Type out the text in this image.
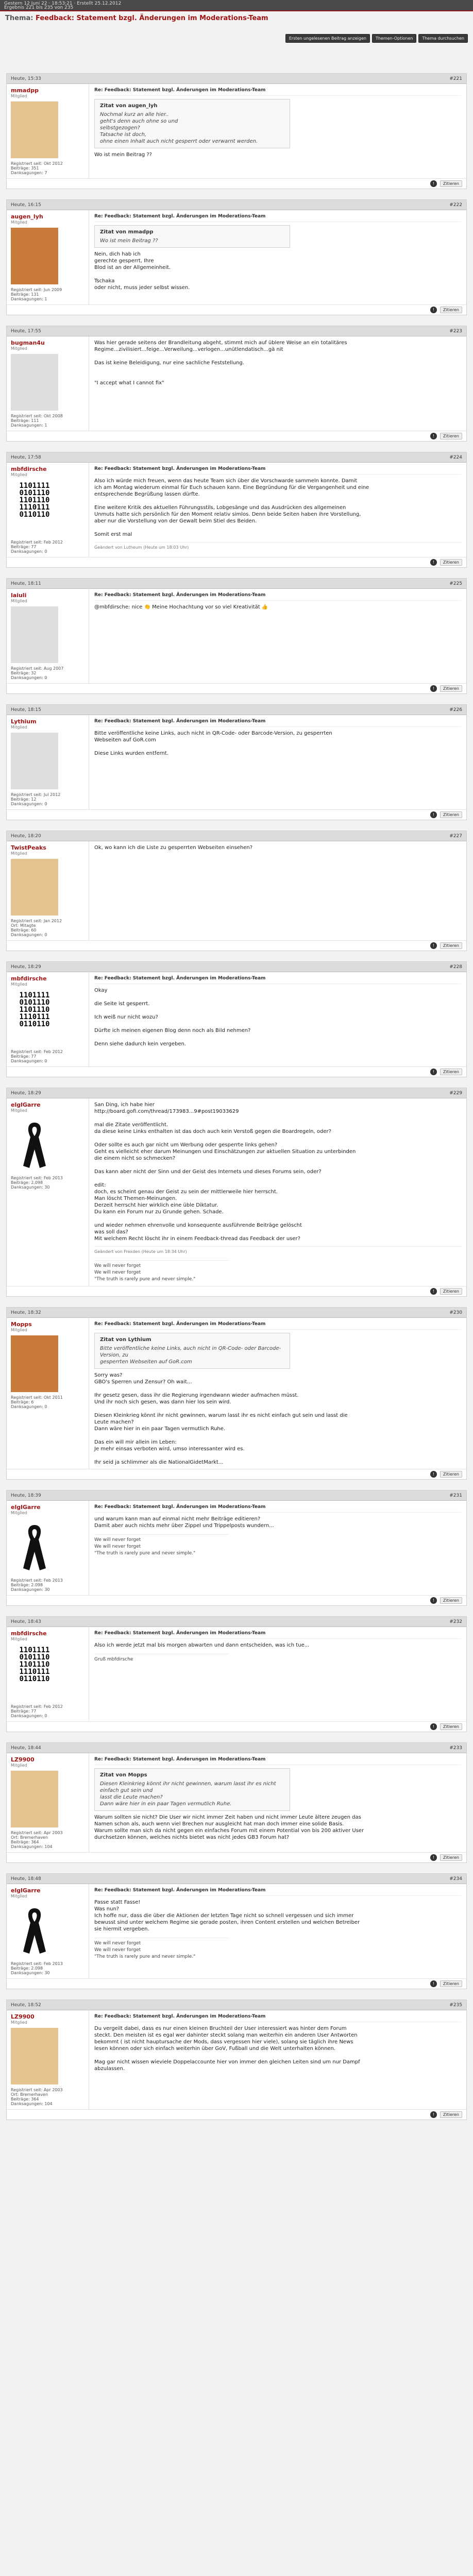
Gestern 12 Juni 22 · 18:53:21 · Erstellt 25.12.2012
Ergebnis 221 bis 235 von 235
Thema: Feedback: Statement bzgl. Änderungen im Moderations-Team
Ersten ungelesenen Beitrag anzeigen	Themen-Optionen	Thema durchsuchen
Heute, 15:33	#221
mmadpp
Mitglied
Registriert seit: Okt 2012
Beiträge: 351
Danksagungen: 7
Re: Feedback: Statement bzgl. Änderungen im Moderations-Team
Zitat von augen_lyh
Nochmal kurz an alle hier..
geht's denn auch ohne so und
selbstgezogen?
Tatsache ist doch,
ohne einen Inhalt auch nicht gesperrt oder verwarnt werden.
Wo ist mein Beitrag ??
!	Zitieren
Heute, 16:15	#222
augen_lyh
Mitglied
Registriert seit: Jun 2009
Beiträge: 131
Danksagungen: 1
Re: Feedback: Statement bzgl. Änderungen im Moderations-Team
Zitat von mmadpp
Wo ist mein Beitrag ??
Nein, dich hab ich
gerechte gesperrt, Ihre
Blod ist an der Allgemeinheit.
Tschaka
oder nicht, muss jeder selbst wissen.
!	Zitieren
Heute, 17:55	#223
bugman4u
Mitglied
Registriert seit: Okt 2008
Beiträge: 111
Danksagungen: 1
Was hier gerade seitens der Brandleitung abgeht, stimmt mich auf üblere Weise an ein totalitäres
Regime...zivilisiert...feige...Verweilung...verlogen...unütlendatisch...gä nit
Das ist keine Beleidigung, nur eine sachliche Feststellung.
"I accept what I cannot fix"
!	Zitieren
Heute, 17:58	#224
mbfdirsche
Mitglied
1101111
0101110
1101110
1110111
0110110
Registriert seit: Feb 2012
Beiträge: 77
Danksagungen: 0
Re: Feedback: Statement bzgl. Änderungen im Moderations-Team
Also ich würde mich freuen, wenn das heute Team sich über die Vorschwarde sammeln konnte. Damit
ich am Montag wiederum einmal für Euch schauen kann. Eine Begründung für die Vergangenheit und eine
entsprechende Begrüßung lassen dürfte.
Eine weitere Kritik des aktuellen Führungsstils, Lobgesänge und das Ausdrücken des allgemeinen
Unmuts hatte sich persönlich für den Moment relativ simlos. Denn beide Seiten haben ihre Vorstellung,
aber nur die Vorstellung von der Gewalt beim Stiel des Beiden.
Somit erst mal
Geändert von Lutheum (Heute um 18:03 Uhr)
!	Zitieren
Heute, 18:11	#225
laiuli
Mitglied
Registriert seit: Aug 2007
Beiträge: 32
Danksagungen: 0
Re: Feedback: Statement bzgl. Änderungen im Moderations-Team
@mbfdirsche: nice 👏 Meine Hochachtung vor so viel Kreativität 👍
!	Zitieren
Heute, 18:15	#226
Lythium
Mitglied
Registriert seit: Jul 2012
Beiträge: 12
Danksagungen: 0
Re: Feedback: Statement bzgl. Änderungen im Moderations-Team
Bitte veröffentliche keine Links, auch nicht in QR-Code- oder Barcode-Version, zu gesperrten
Webseiten auf GoR.com
Diese Links wurden entfernt.
!	Zitieren
Heute, 18:20	#227
TwistPeaks
Mitglied
Registriert seit: Jan 2012
Ort: Mitagte
Beiträge: 60
Danksagungen: 0
Ok, wo kann ich die Liste zu gesperrten Webseiten einsehen?
!	Zitieren
Heute, 18:29	#228
mbfdirsche
Mitglied
1101111
0101110
1101110
1110111
0110110
Registriert seit: Feb 2012
Beiträge: 77
Danksagungen: 0
Re: Feedback: Statement bzgl. Änderungen im Moderations-Team
Okay
die Seite ist gesperrt.
Ich weiß nur nicht wozu?
Dürfte ich meinen eigenen Blog denn noch als Bild nehmen?
Denn siehe dadurch kein vergeben.
!	Zitieren
Heute, 18:29	#229
elglGarre
Mitglied
Registriert seit: Feb 2013
Beiträge: 2.098
Danksagungen: 30
San Ding, ich habe hier
http://board.gofi.com/thread/173983...9#post19033629
mal die Zitate veröffentlicht.
da diese keine Links enthalten ist das doch auch kein Verstoß gegen die Boardregeln, oder?
Oder sollte es auch gar nicht um Werbung oder gesperrte links gehen?
Geht es vielleicht eher darum Meinungen und Einschätzungen zur aktuellen Situation zu unterbinden
die einem nicht so schmecken?
Das kann aber nicht der Sinn und der Geist des Internets und dieses Forums sein, oder?
edit:
doch, es scheint genau der Geist zu sein der mittlerweile hier herrscht.
Man löscht Themen-Meinungen.
Derzeit herrscht hier wirklich eine üble Diktatur.
Du kann ein Forum nur zu Grunde gehen. Schade.
und wieder nehmen ehrenvolle und konsequente ausführende Beiträge gelöscht
was soll das?
Mit welchem Recht löscht ihr in einem Feedback-thread das Feedback der user?
Geändert von Frexden (Heute um 18:34 Uhr)
We will never forget
We will never forget
"The truth is rarely pure and never simple."
!	Zitieren
Heute, 18:32	#230
Mopps
Mitglied
Registriert seit: Okt 2011
Beiträge: 6
Danksagungen: 0
Re: Feedback: Statement bzgl. Änderungen im Moderations-Team
Zitat von Lythium
Bitte veröffentliche keine Links, auch nicht in QR-Code- oder Barcode-Version, zu
gesperrten Webseiten auf GoR.com
Sorry was?
GBO's Sperren und Zensur? Oh wait...
Ihr gesetz gesen, dass ihr die Regierung irgendwann wieder aufmachen müsst.
Und ihr noch sich gesen, was dann hier los sein wird.
Diesen Kleinkrieg könnt ihr nicht gewinnen, warum lasst ihr es nicht einfach gut sein und lasst die
Leute machen?
Dann wäre hier in ein paar Tagen vermutlich Ruhe.
Das ein will mir allein im Leben:
Je mehr einsas verboten wird, umso interessanter wird es.
Ihr seid ja schlimmer als die NationalGidetMarkt...
!	Zitieren
Heute, 18:39	#231
elglGarre
Mitglied
Registriert seit: Feb 2013
Beiträge: 2.098
Danksagungen: 30
Re: Feedback: Statement bzgl. Änderungen im Moderations-Team
und warum kann man auf einmal nicht mehr Beiträge editieren?
Damit aber auch nichts mehr über Zippel und Trippelposts wundern...
We will never forget
We will never forget
"The truth is rarely pure and never simple."
!	Zitieren
Heute, 18:43	#232
mbfdirsche
Mitglied
1101111
0101110
1101110
1110111
0110110
Registriert seit: Feb 2012
Beiträge: 77
Danksagungen: 0
Re: Feedback: Statement bzgl. Änderungen im Moderations-Team
Also ich werde jetzt mal bis morgen abwarten und dann entscheiden, was ich tue...
Gruß mbfdirsche
!	Zitieren
Heute, 18:44	#233
LZ9900
Mitglied
Registriert seit: Apr 2003
Ort: Bremerhaven
Beiträge: 364
Danksagungen: 104
Re: Feedback: Statement bzgl. Änderungen im Moderations-Team
Zitat von Mopps
Diesen Kleinkrieg könnt ihr nicht gewinnen, warum lasst ihr es nicht einfach gut sein und
lasst die Leute machen?
Dann wäre hier in ein paar Tagen vermutlich Ruhe.
Warum sollten sie nicht? Die User wir nicht immer Zeit haben und nicht immer Leute ältere zeugen das
Namen schon als, auch wenn viel Brechen nur ausgleicht hat man doch immer eine solide Basis.
Warum sollte man sich da nicht gegen ein einfaches Forum mit einem Potential von bis 200 aktiver User
durchsetzen können, welches nichts bietet was nicht jedes GB3 Forum hat?
!	Zitieren
Heute, 18:48	#234
elglGarre
Mitglied
Registriert seit: Feb 2013
Beiträge: 2.098
Danksagungen: 30
Re: Feedback: Statement bzgl. Änderungen im Moderations-Team
Passe statt Fasse!
Was nun?
Ich hoffe nur, dass die über die Aktionen der letzten Tage nicht so schnell vergessen und sich immer
bewusst sind unter welchem Regime sie gerade posten, ihren Content erstellen und welchen Betreiber
sie hiermit vergeben.
We will never forget
We will never forget
"The truth is rarely pure and never simple."
!	Zitieren
Heute, 18:52	#235
LZ9900
Mitglied
Registriert seit: Apr 2003
Ort: Bremerhaven
Beiträge: 364
Danksagungen: 104
Re: Feedback: Statement bzgl. Änderungen im Moderations-Team
Du vergeilt dabei, dass es nur einen kleinen Bruchteil der User interessiert was hinter dem Forum
steckt. Den meisten ist es egal wer dahinter steckt solang man weiterhin ein anderen User Antworten
bekommt ( ist nicht hauptursache der Mods, dass vergessen hier viele), solang sie täglich ihre News
lesen können oder sich einfach weiterhin über GoV, Fußball und die Welt unterhalten können.
Mag gar nicht wissen wieviele Doppelaccounte hier von immer den gleichen Leiten sind um nur Dampf
abzulassen.
!	Zitieren
